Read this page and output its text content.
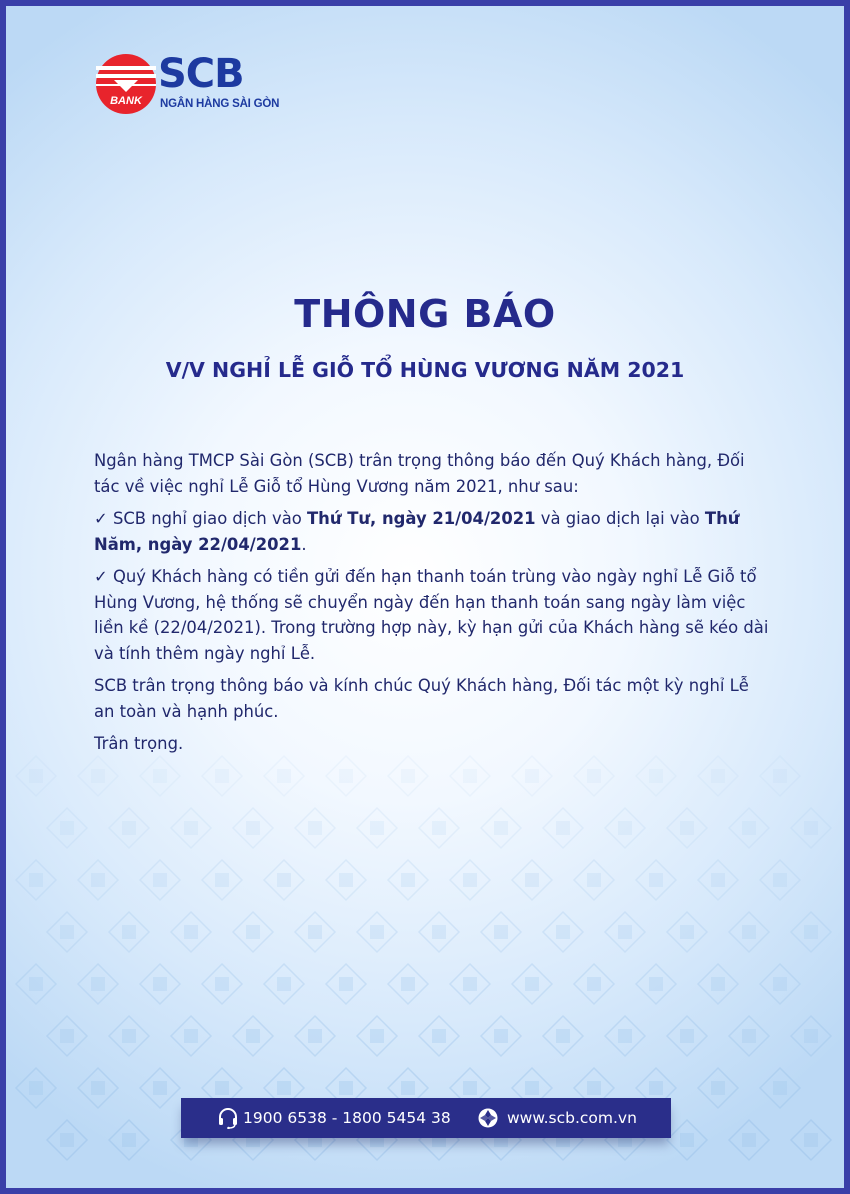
BANK
SCB
NGÂN HÀNG SÀI GÒN
THÔNG BÁO
V/V NGHỈ LỄ GIỖ TỔ HÙNG VƯƠNG NĂM 2021

Ngân hàng TMCP Sài Gòn (SCB) trân trọng thông báo đến Quý Khách hàng, Đối tác về việc nghỉ Lễ Giỗ tổ Hùng Vương năm 2021, như sau:

✓ SCB nghỉ giao dịch vào Thứ Tư, ngày 21/04/2021 và giao dịch lại vào Thứ Năm, ngày 22/04/2021.

✓ Quý Khách hàng có tiền gửi đến hạn thanh toán trùng vào ngày nghỉ Lễ Giỗ tổ Hùng Vương, hệ thống sẽ chuyển ngày đến hạn thanh toán sang ngày làm việc liền kề (22/04/2021). Trong trường hợp này, kỳ hạn gửi của Khách hàng sẽ kéo dài và tính thêm ngày nghỉ Lễ.

SCB trân trọng thông báo và kính chúc Quý Khách hàng, Đối tác một kỳ nghỉ Lễ an toàn và hạnh phúc.

Trân trọng.

1900 6538 - 1800 5454 38	www.scb.com.vn
